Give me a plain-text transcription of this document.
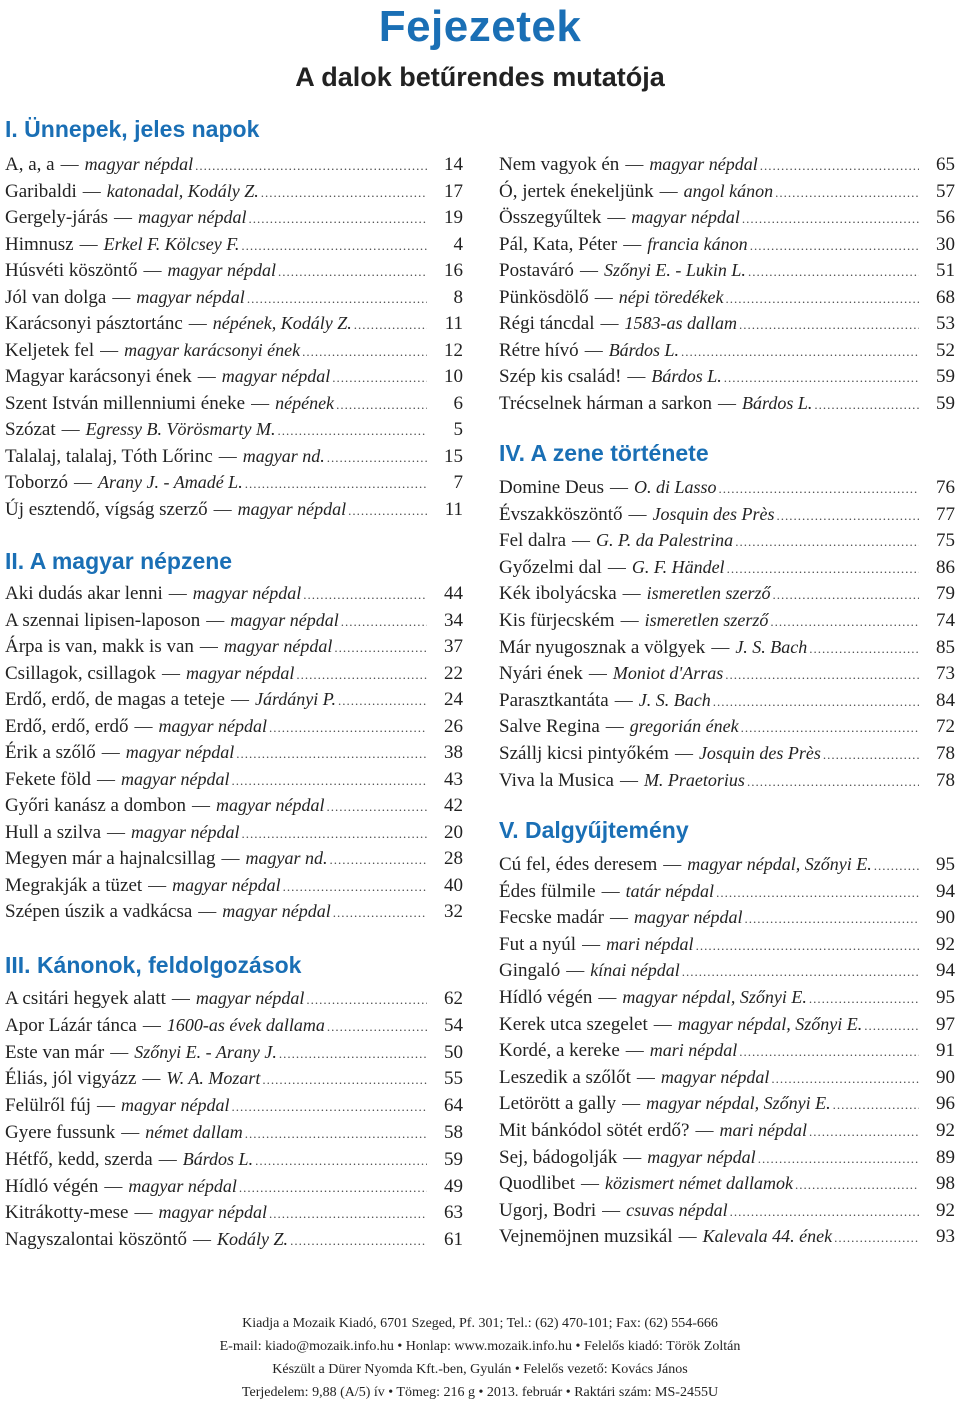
Fejezetek
A dalok betűrendes mutatója
I. Ünnepek, jeles napok
A, a, a	— magyar népdal .....	14
Garibaldi	— katonadal, Kodály Z. .....	17
Gergely-járás	— magyar népdal .....	19
Himnusz	— Erkel F. Kölcsey F. .....	4
Húsvéti köszöntő	— magyar népdal .....	16
Jól van dolga	— magyar népdal .....	8
Karácsonyi pásztortánc	— népének, Kodály Z. .....	11
Keljetek fel	— magyar karácsonyi ének .....	12
Magyar karácsonyi ének	— magyar népdal .....	10
Szent István millenniumi éneke	— népének .....	6
Szózat	— Egressy B. Vörösmarty M. .....	5
Talalaj, talalaj, Tóth Lőrinc	— magyar nd. .....	15
Toborzó	— Arany J. - Amadé L. .....	7
Új esztendő, vígság szerző	— magyar népdal .....	11
II. A magyar népzene
Aki dudás akar lenni	— magyar népdal .....	44
A szennai lipisen-laposon	— magyar népdal .....	34
Árpa is van, makk is van	— magyar népdal .....	37
Csillagok, csillagok	— magyar népdal .....	22
Erdő, erdő, de magas a teteje	— Járdányi P. .....	24
Erdő, erdő, erdő	— magyar népdal .....	26
Érik a szőlő	— magyar népdal .....	38
Fekete föld	— magyar népdal .....	43
Győri kanász a dombon	— magyar népdal .....	42
Hull a szilva	— magyar népdal .....	20
Megyen már a hajnalcsillag	— magyar nd. .....	28
Megrakják a tüzet	— magyar népdal .....	40
Szépen úszik a vadkácsa	— magyar népdal .....	32
III. Kánonok, feldolgozások
A csitári hegyek alatt	— magyar népdal .....	62
Apor Lázár tánca	— 1600-as évek dallama .....	54
Este van már	— Szőnyi E. - Arany J. .....	50
Éliás, jól vigyázz	— W. A. Mozart .....	55
Felülről fúj	— magyar népdal .....	64
Gyere fussunk	— német dallam .....	58
Hétfő, kedd, szerda	— Bárdos L. .....	59
Hídló végén	— magyar népdal .....	49
Kitrákotty-mese	— magyar népdal .....	63
Nagyszalontai köszöntő	— Kodály Z. .....	61
Nem vagyok én	— magyar népdal .....	65
Ó, jertek énekeljünk	— angol kánon .....	57
Összegyűltek	— magyar népdal .....	56
Pál, Kata, Péter	— francia kánon .....	30
Postaváró	— Szőnyi E. - Lukin L. .....	51
Pünkösdölő	— népi töredékek .....	68
Régi táncdal	— 1583-as dallam .....	53
Rétre hívó	— Bárdos L. .....	52
Szép kis család!	— Bárdos L. .....	59
Trécselnek hárman a sarkon	— Bárdos L. .....	59
IV. A zene története
Domine Deus	— O. di Lasso .....	76
Évszakköszöntő	— Josquin des Près .....	77
Fel dalra	— G. P. da Palestrina .....	75
Győzelmi dal	— G. F. Händel .....	86
Kék ibolyácska	— ismeretlen szerző .....	79
Kis fürjecském	— ismeretlen szerző .....	74
Már nyugosznak a völgyek	— J. S. Bach .....	85
Nyári ének	— Moniot d'Arras .....	73
Parasztkantáta	— J. S. Bach .....	84
Salve Regina	— gregorián ének .....	72
Szállj kicsi pintyőkém	— Josquin des Près .....	78
Viva la Musica	— M. Praetorius .....	78
V. Dalgyűjtemény
Cú fel, édes deresem	— magyar népdal, Szőnyi E. .....	95
Édes fülmile	— tatár népdal .....	94
Fecske madár	— magyar népdal .....	90
Fut a nyúl	— mari népdal .....	92
Gingaló	— kínai népdal .....	94
Hídló végén	— magyar népdal, Szőnyi E. .....	95
Kerek utca szegelet	— magyar népdal, Szőnyi E. .....	97
Kordé, a kereke	— mari népdal .....	91
Leszedik a szőlőt	— magyar népdal .....	90
Letörött a gally	— magyar népdal, Szőnyi E. .....	96
Mit bánkódol sötét erdő?	— mari népdal .....	92
Sej, bádogolják	— magyar népdal .....	89
Quodlibet	— közismert német dallamok .....	98
Ugorj, Bodri	— csuvas népdal .....	92
Vejnemöjnen muzsikál	— Kalevala 44. ének .....	93
Kiadja a Mozaik Kiadó, 6701 Szeged, Pf. 301; Tel.: (62) 470-101; Fax: (62) 554-666
E-mail: kiado@mozaik.info.hu • Honlap: www.mozaik.info.hu • Felelős kiadó: Török Zoltán
Készült a Dürer Nyomda Kft.-ben, Gyulán • Felelős vezető: Kovács János
Terjedelem: 9,88 (A/5) ív • Tömeg: 216 g • 2013. február • Raktári szám: MS-2455U
